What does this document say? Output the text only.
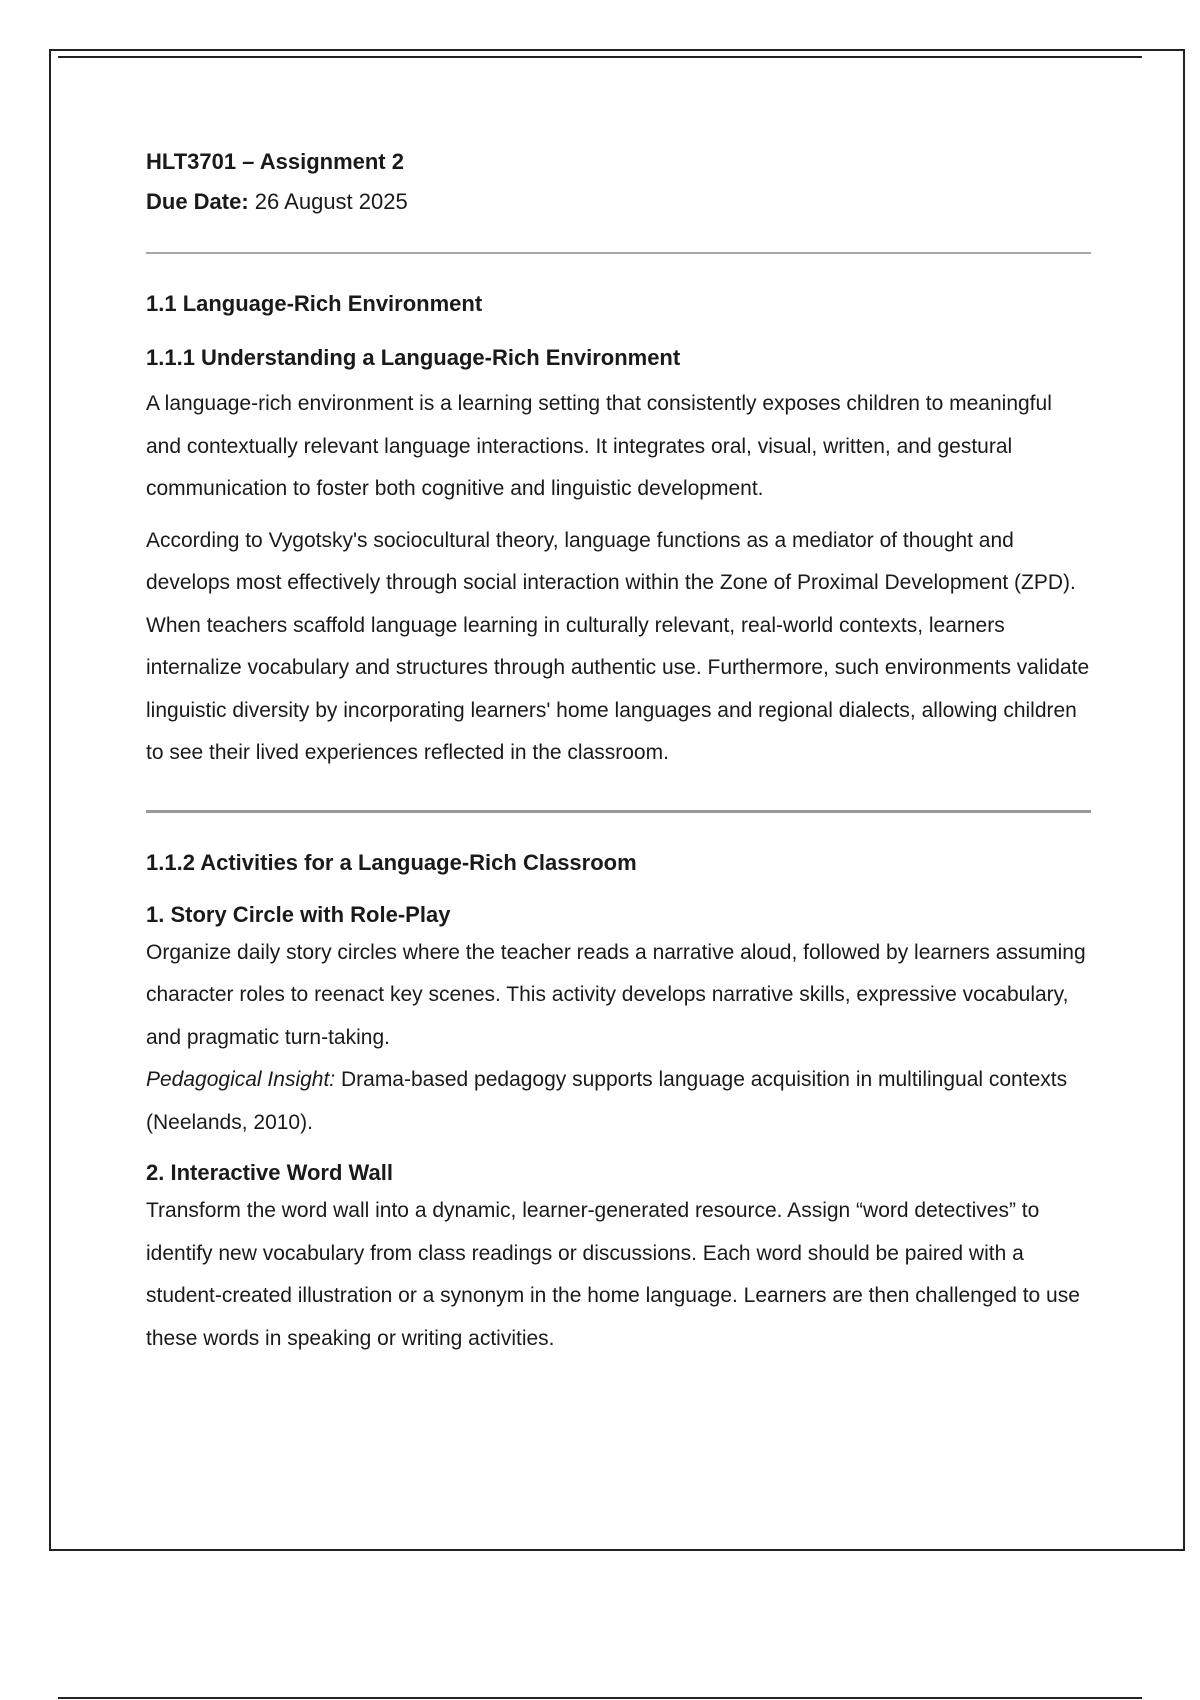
HLT3701 – Assignment 2

Due Date: 26 August 2025

1.1 Language-Rich Environment
1.1.1 Understanding a Language-Rich Environment

A language-rich environment is a learning setting that consistently exposes children to meaningful and contextually relevant language interactions. It integrates oral, visual, written, and gestural communication to foster both cognitive and linguistic development.

According to Vygotsky's sociocultural theory, language functions as a mediator of thought and develops most effectively through social interaction within the Zone of Proximal Development (ZPD). When teachers scaffold language learning in culturally relevant, real-world contexts, learners internalize vocabulary and structures through authentic use. Furthermore, such environments validate linguistic diversity by incorporating learners' home languages and regional dialects, allowing children to see their lived experiences reflected in the classroom.

1.1.2 Activities for a Language-Rich Classroom
1. Story Circle with Role-Play

Organize daily story circles where the teacher reads a narrative aloud, followed by learners assuming character roles to reenact key scenes. This activity develops narrative skills, expressive vocabulary, and pragmatic turn-taking.

Pedagogical Insight: Drama-based pedagogy supports language acquisition in multilingual contexts (Neelands, 2010).

2. Interactive Word Wall

Transform the word wall into a dynamic, learner-generated resource. Assign “word detectives” to identify new vocabulary from class readings or discussions. Each word should be paired with a student-created illustration or a synonym in the home language. Learners are then challenged to use these words in speaking or writing activities.
